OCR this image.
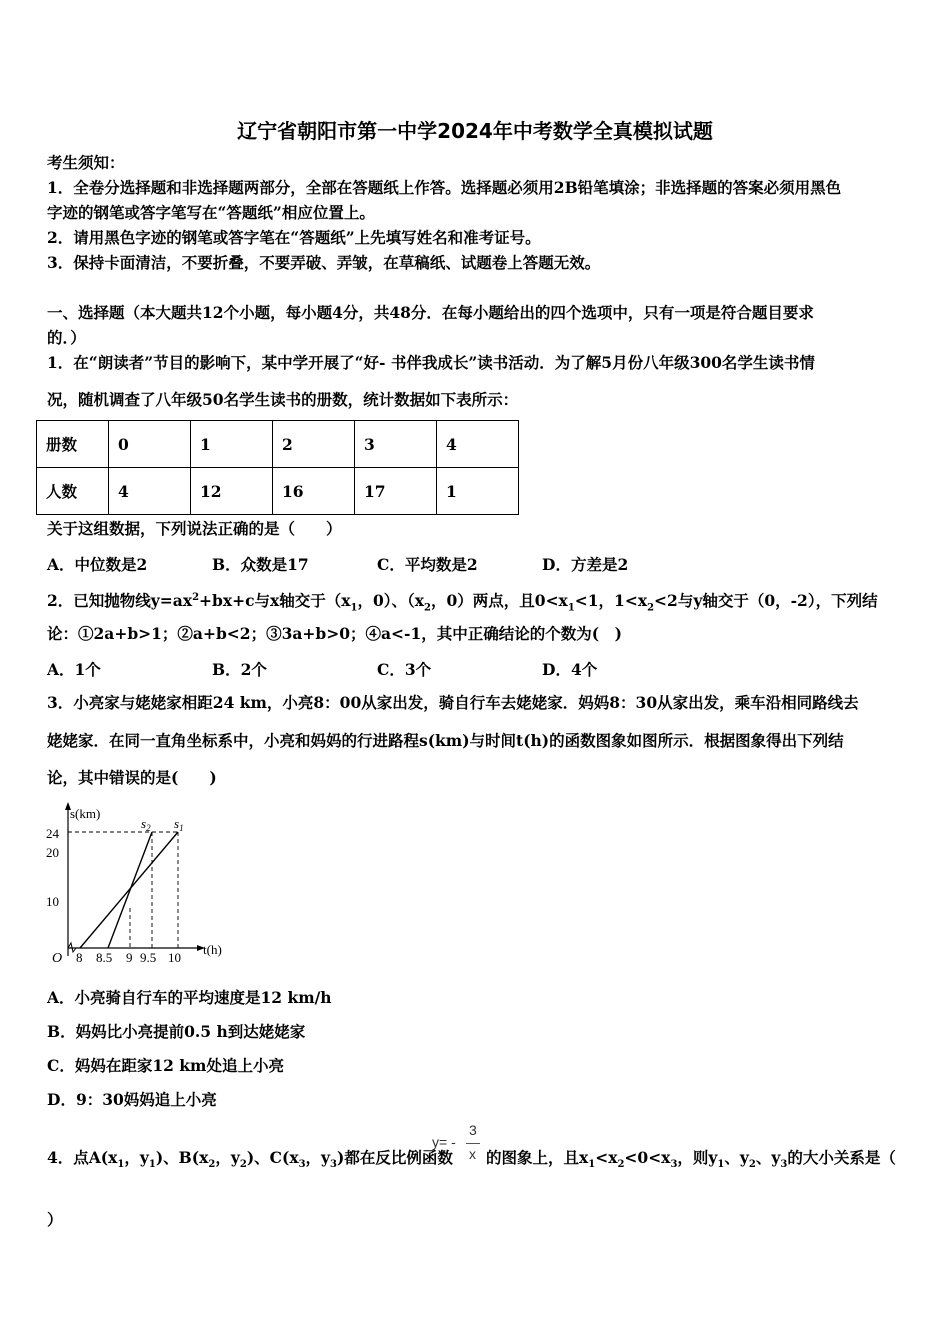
辽宁省朝阳市第一中学2024年中考数学全真模拟试题
考生须知：
1．全卷分选择题和非选择题两部分，全部在答题纸上作答。选择题必须用2B铅笔填涂；非选择题的答案必须用黑色
字迹的钢笔或答字笔写在“答题纸”相应位置上。
2．请用黑色字迹的钢笔或答字笔在“答题纸”上先填写姓名和准考证号。
3．保持卡面清洁，不要折叠，不要弄破、弄皱，在草稿纸、试题卷上答题无效。
一、选择题（本大题共12个小题，每小题4分，共48分．在每小题给出的四个选项中，只有一项是符合题目要求
的．）
1．在“朗读者”节目的影响下，某中学开展了“好- 书伴我成长”读书活动．为了解5月份八年级300名学生读书情
况，随机调查了八年级50名学生读书的册数，统计数据如下表所示：
册数	0	1	2	3	4
人数	4	12	16	17	1
关于这组数据，下列说法正确的是（　　）
A．中位数是2	B．众数是17	C．平均数是2	D．方差是2
2．已知抛物线$y=ax^2+bx+c$与x轴交于（$x_1$，0）、（$x_2$，0）两点，且$0<x_1<1$，$1<x_2<2$与y轴交于（0，-2），下列结
论：①2a+b>1；②a+b<2；③3a+b>0；④a<-1，其中正确结论的个数为(　)
A．1个	B．2个	C．3个	D．4个
3．小亮家与姥姥家相距24 km，小亮8：00从家出发，骑自行车去姥姥家．妈妈8：30从家出发，乘车沿相同路线去
姥姥家．在同一直角坐标系中，小亮和妈妈的行进路程s(km)与时间t(h)的函数图象如图所示．根据图象得出下列结
论，其中错误的是(　　)
s(km)
t(h)
O
24
20
10
8 8.5 9 9.5 10
$s_2$ $s_1$
A．小亮骑自行车的平均速度是12 km/h
B．妈妈比小亮提前0.5 h到达姥姥家
C．妈妈在距家12 km处追上小亮
D．9：30妈妈追上小亮
4．点$A(x_1$，$y_1$)、$B(x_2$，$y_2$)、$C(x_3$，$y_3$)都在反比例函数
y= -
3
x 的图象上，且$x_1<x_2<0<x_3$，则$y_1$、$y_2$、$y_3$的大小关系是（
）
